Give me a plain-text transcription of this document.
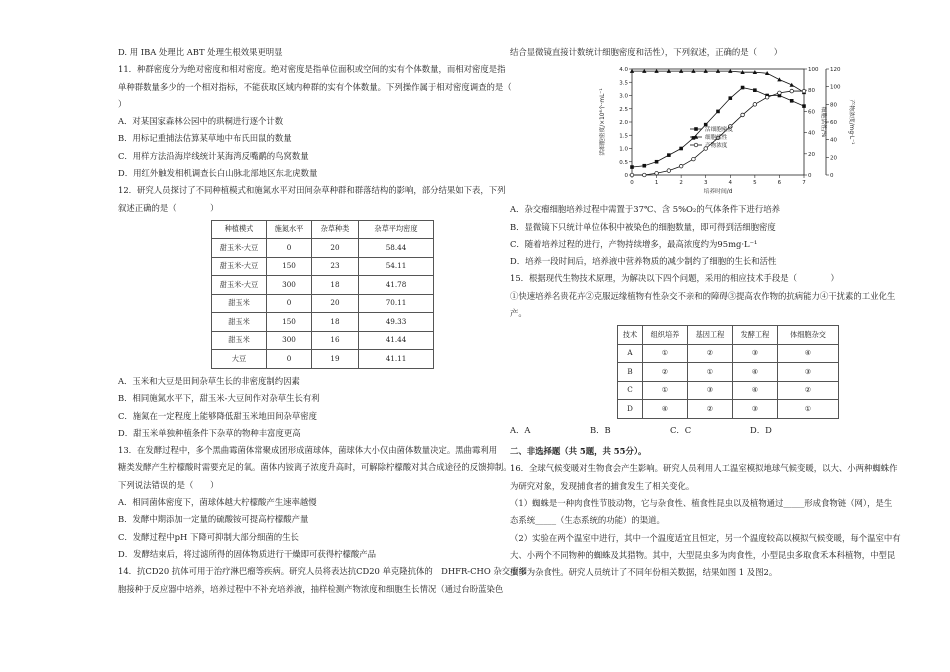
D. 用 IBA 处理比 ABT 处理生根效果更明显
11．种群密度分为绝对密度和相对密度。绝对密度是指单位面积或空间的实有个体数量，而相对密度是指
单种群数量多少的一个相对指标，不能获取区域内种群的实有个体数量。下列操作属于相对密度调查的是（
）
A．对某国家森林公园中的珙桐进行逐个计数
B．用标记重捕法估算某草地中布氏田鼠的数量
C．用样方法沿海岸线统计某海湾反嘴鹬的鸟窝数量
D．用红外触发相机调查长白山脉北部地区东北虎数量
12．研究人员探讨了不同种植模式和施氮水平对田间杂草种群和群落结构的影响，部分结果如下表，下列
叙述正确的是（　　　　）
种植模式	施氮水平	杂草种类	杂草平均密度
甜玉米-大豆	0	20	58.44
甜玉米-大豆	150	23	54.11
甜玉米-大豆	300	18	41.78
甜玉米	0	20	70.11
甜玉米	150	18	49.33
甜玉米	300	16	41.44
大豆	0	19	41.11
A．玉米和大豆是田间杂草生长的非密度制约因素
B．相同施氮水平下，甜玉米-大豆间作对杂草生长有利
C．施氮在一定程度上能够降低甜玉米地田间杂草密度
D．甜玉米单独种植条件下杂草的物种丰富度更高
13．在发酵过程中，多个黑曲霉菌体常聚成团形成菌球体，菌球体大小仅由菌体数量决定。黑曲霉利用
糖类发酵产生柠檬酸时需要充足的氧。菌体内铵离子浓度升高时，可解除柠檬酸对其合成途径的反馈抑制。
下列说法错误的是（　　）
A．相同菌体密度下，菌球体越大柠檬酸产生速率越慢
B．发酵中期添加一定量的硫酸铵可提高柠檬酸产量
C．发酵过程中pH 下降可抑制大部分细菌的生长
D．发酵结束后，将过滤所得的固体物质进行干燥即可获得柠檬酸产品
14．抗CD20 抗体可用于治疗淋巴瘤等疾病。研究人员将表达抗CD20 单克隆抗体的　DHFR-CHO 杂交瘤细
胞接种于反应器中培养，培养过程中不补充培养液，抽样检测产物浓度和细胞生长情况（通过台盼蓝染色
结合显微镜直接计数统计细胞密度和活性），下列叙述，正确的是（　　）
0
0.5
1.0
1.5
2.0
2.5
3.0
3.5
4.0
0
20
40
60
80
100
0
20
40
60
80
100
120
0	1	2	3	4	5	6	7
培养时间/d
活细胞密度/×10⁶个·mL⁻¹	细胞活性/%	产物浓度/mg·L⁻¹
活细胞密度
细胞活性
产物浓度
A．杂交瘤细胞培养过程中需置于37℃、含 5%O₂的气体条件下进行培养
B．显微镜下只统计单位体积中被染色的细胞数量，即可得到活细胞密度
C．随着培养过程的进行，产物持续增多，最高浓度约为95mg·L⁻¹
D．培养一段时间后，培养液中营养物质的减少制约了细胞的生长和活性
15．根据现代生物技术原理，为解决以下四个问题，采用的相应技术手段是（　　　　）
①快速培养名贵花卉②克服远缘植物有性杂交不亲和的障碍③提高农作物的抗病能力④干扰素的工业化生
产。
技术	组织培养	基因工程	发酵工程	体细胞杂交
A	①	②	③	④
B	②	①	④	③
C	①	③	④	②
D	④	②	③	①
A．A	B．B	C．C	D．D
二、非选择题（共 5题，共 55分）。
16．全球气候变暖对生物食会产生影响。研究人员利用人工温室模拟地球气候变暖，以大、小两种蜘蛛作
为研究对象，发现捕食者的捕食发生了相关变化。
（1）蜘蛛是一种肉食性节肢动物，它与杂食性、植食性昆虫以及植物通过_____形成食物链（网），是生
态系统_____（生态系统的功能）的渠道。
（2）实验在两个温室中进行，其中一个温度适宜且恒定，另一个温度较高以模拟气候变暖，每个温室中有
大、小两个不同物种的蜘蛛及其猎物。其中，大型昆虫多为肉食性，小型昆虫多取食禾本科植物，中型昆
虫多为杂食性。研究人员统计了不同年份相关数据，结果如图 1 及图2。
